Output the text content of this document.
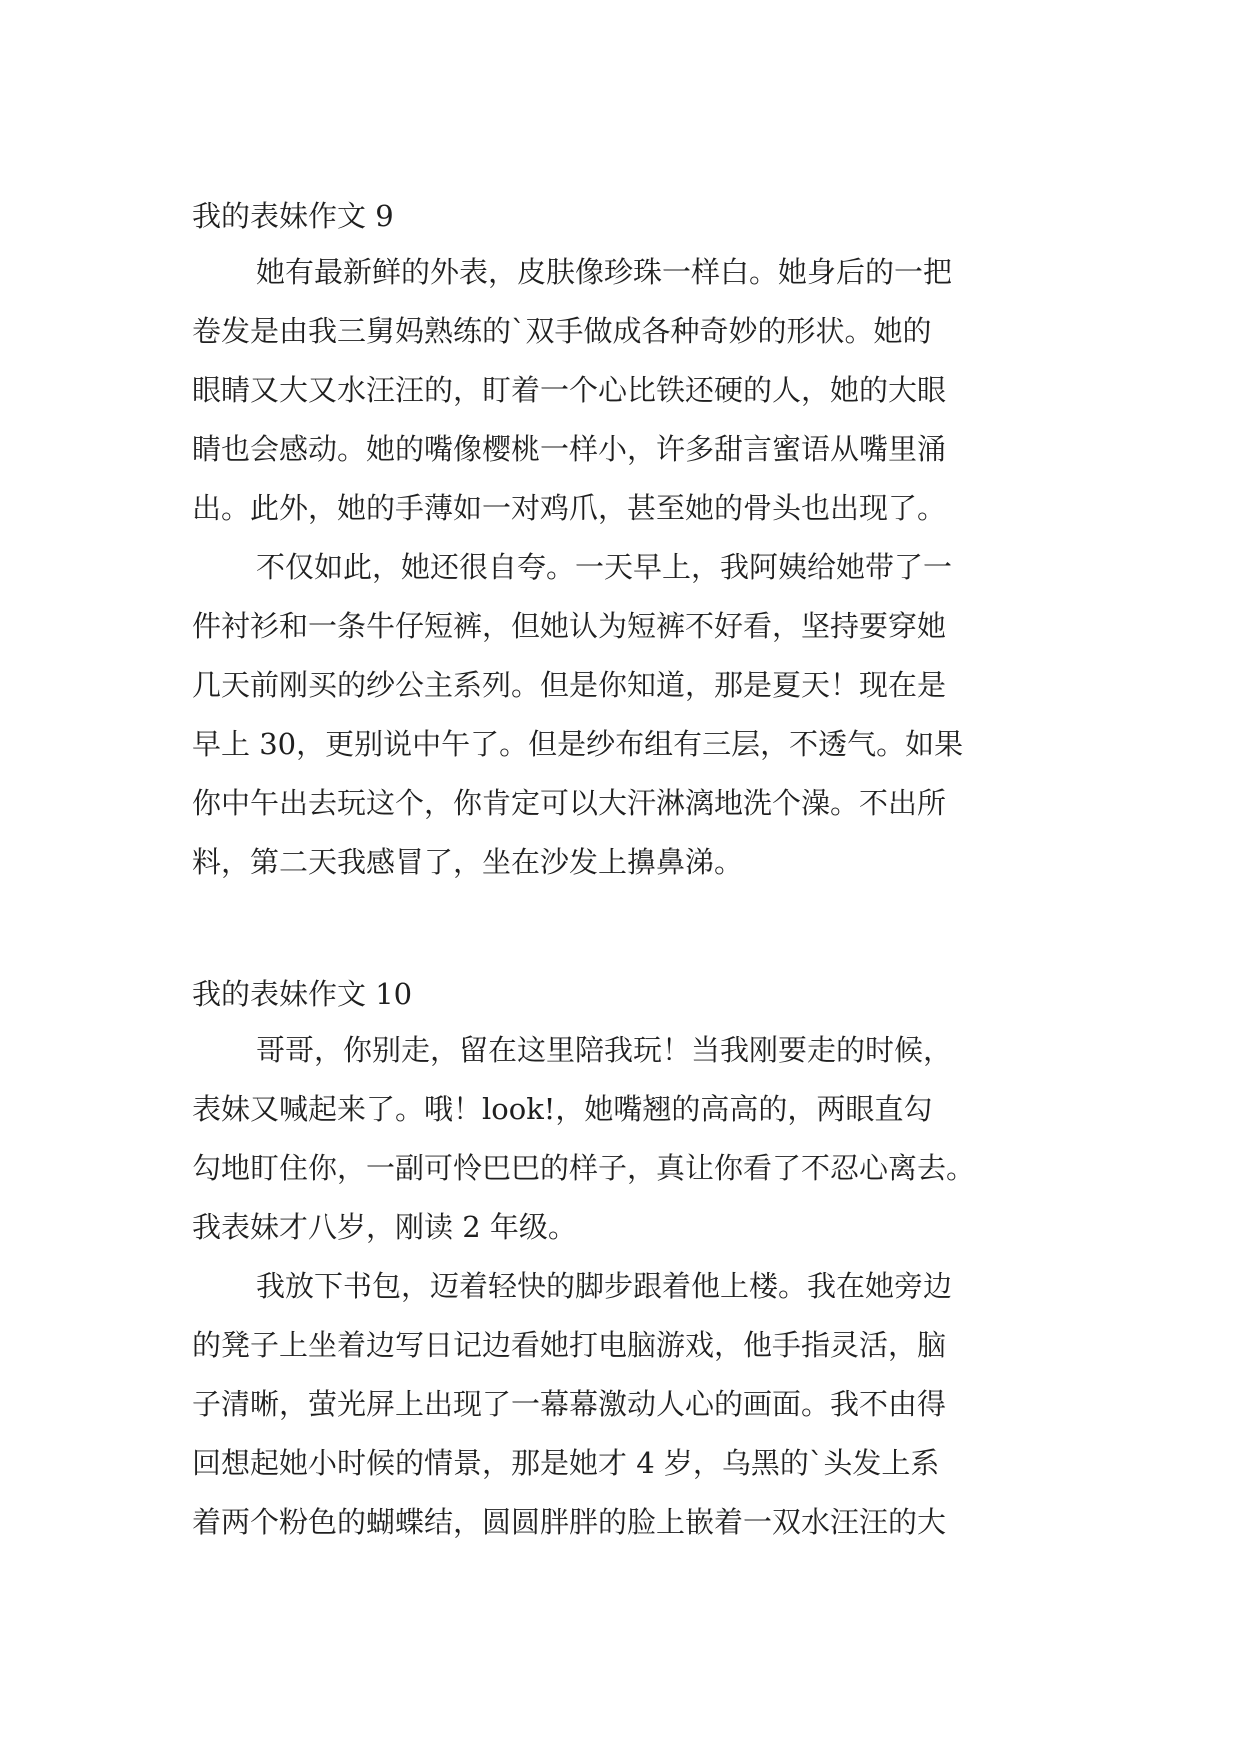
我的表妹作文 9
她有最新鲜的外表，皮肤像珍珠一样白。她身后的一把
卷发是由我三舅妈熟练的`双手做成各种奇妙的形状。她的
眼睛又大又水汪汪的，盯着一个心比铁还硬的人，她的大眼
睛也会感动。她的嘴像樱桃一样小，许多甜言蜜语从嘴里涌
出。此外，她的手薄如一对鸡爪，甚至她的骨头也出现了。
不仅如此，她还很自夸。一天早上，我阿姨给她带了一
件衬衫和一条牛仔短裤，但她认为短裤不好看，坚持要穿她
几天前刚买的纱公主系列。但是你知道，那是夏天！现在是
早上 30，更别说中午了。但是纱布组有三层，不透气。如果
你中午出去玩这个，你肯定可以大汗淋漓地洗个澡。不出所
料，第二天我感冒了，坐在沙发上擤鼻涕。
我的表妹作文 10
哥哥，你别走，留在这里陪我玩！当我刚要走的时候，
表妹又喊起来了。哦！look!，她嘴翘的高高的，两眼直勾
勾地盯住你，一副可怜巴巴的样子，真让你看了不忍心离去。
我表妹才八岁，刚读 2 年级。
我放下书包，迈着轻快的脚步跟着他上楼。我在她旁边
的凳子上坐着边写日记边看她打电脑游戏，他手指灵活，脑
子清晰，萤光屏上出现了一幕幕激动人心的画面。我不由得
回想起她小时候的情景，那是她才 4 岁，乌黑的`头发上系
着两个粉色的蝴蝶结，圆圆胖胖的脸上嵌着一双水汪汪的大
